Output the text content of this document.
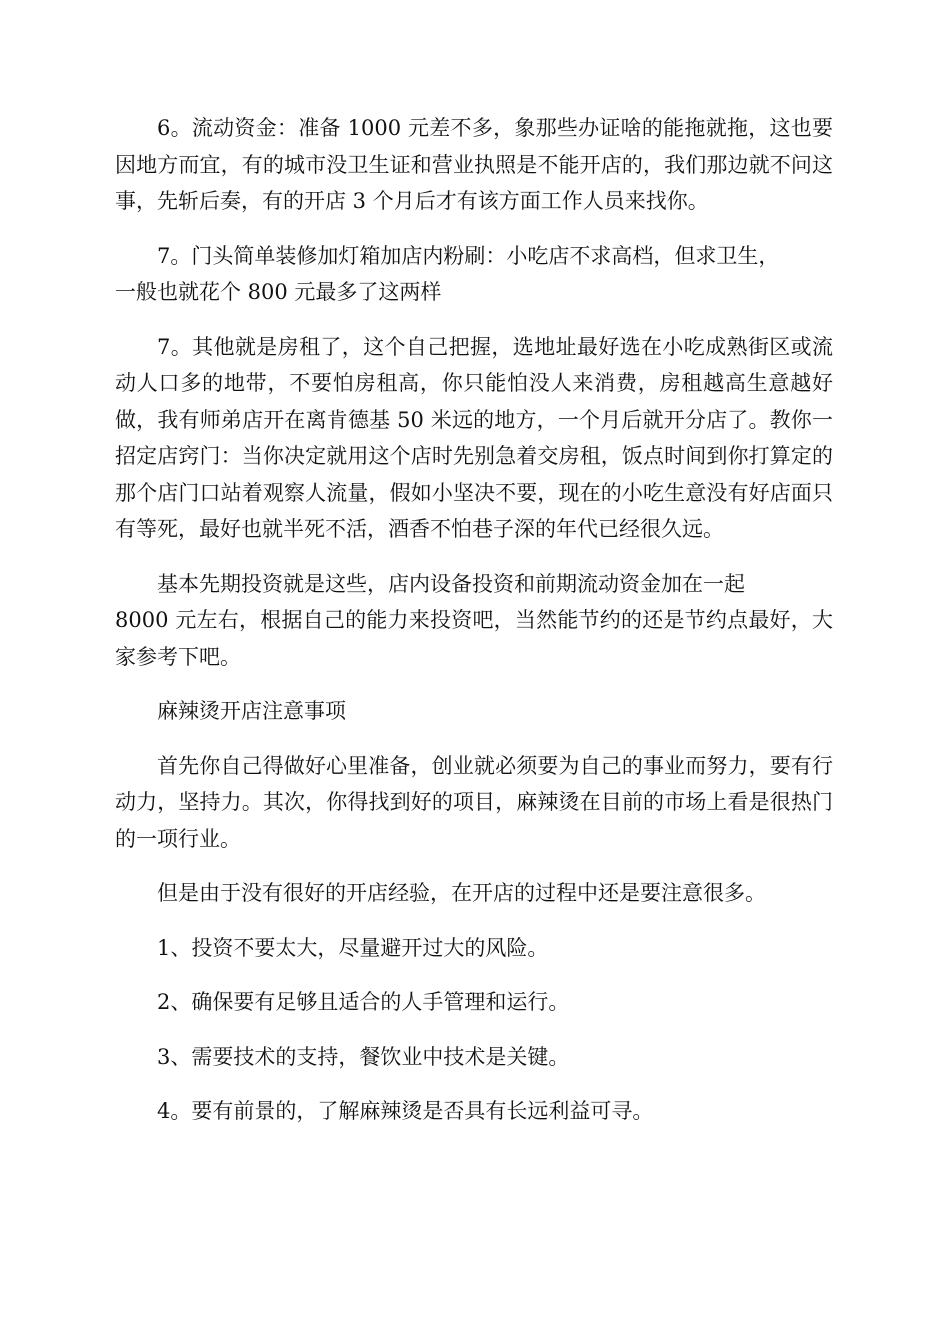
6。流动资金：准备 1000 元差不多，象那些办证啥的能拖就拖，这也要因地方而宜，有的城市没卫生证和营业执照是不能开店的，我们那边就不问这事，先斩后奏，有的开店 3 个月后才有该方面工作人员来找你。

7。门头简单装修加灯箱加店内粉刷：小吃店不求高档，但求卫生，
一般也就花个 800 元最多了这两样

7。其他就是房租了，这个自己把握，选地址最好选在小吃成熟街区或流动人口多的地带，不要怕房租高，你只能怕没人来消费，房租越高生意越好做，我有师弟店开在离肯德基 50 米远的地方，一个月后就开分店了。教你一招定店窍门：当你决定就用这个店时先别急着交房租，饭点时间到你打算定的那个店门口站着观察人流量，假如小坚决不要，现在的小吃生意没有好店面只有等死，最好也就半死不活，酒香不怕巷子深的年代已经很久远。

基本先期投资就是这些，店内设备投资和前期流动资金加在一起
8000 元左右，根据自己的能力来投资吧，当然能节约的还是节约点最好，大家参考下吧。

麻辣烫开店注意事项

首先你自己得做好心里准备，创业就必须要为自己的事业而努力，要有行动力，坚持力。其次，你得找到好的项目，麻辣烫在目前的市场上看是很热门的一项行业。

但是由于没有很好的开店经验，在开店的过程中还是要注意很多。

1、投资不要太大，尽量避开过大的风险。

2、确保要有足够且适合的人手管理和运行。

3、需要技术的支持，餐饮业中技术是关键。

4。要有前景的，了解麻辣烫是否具有长远利益可寻。
